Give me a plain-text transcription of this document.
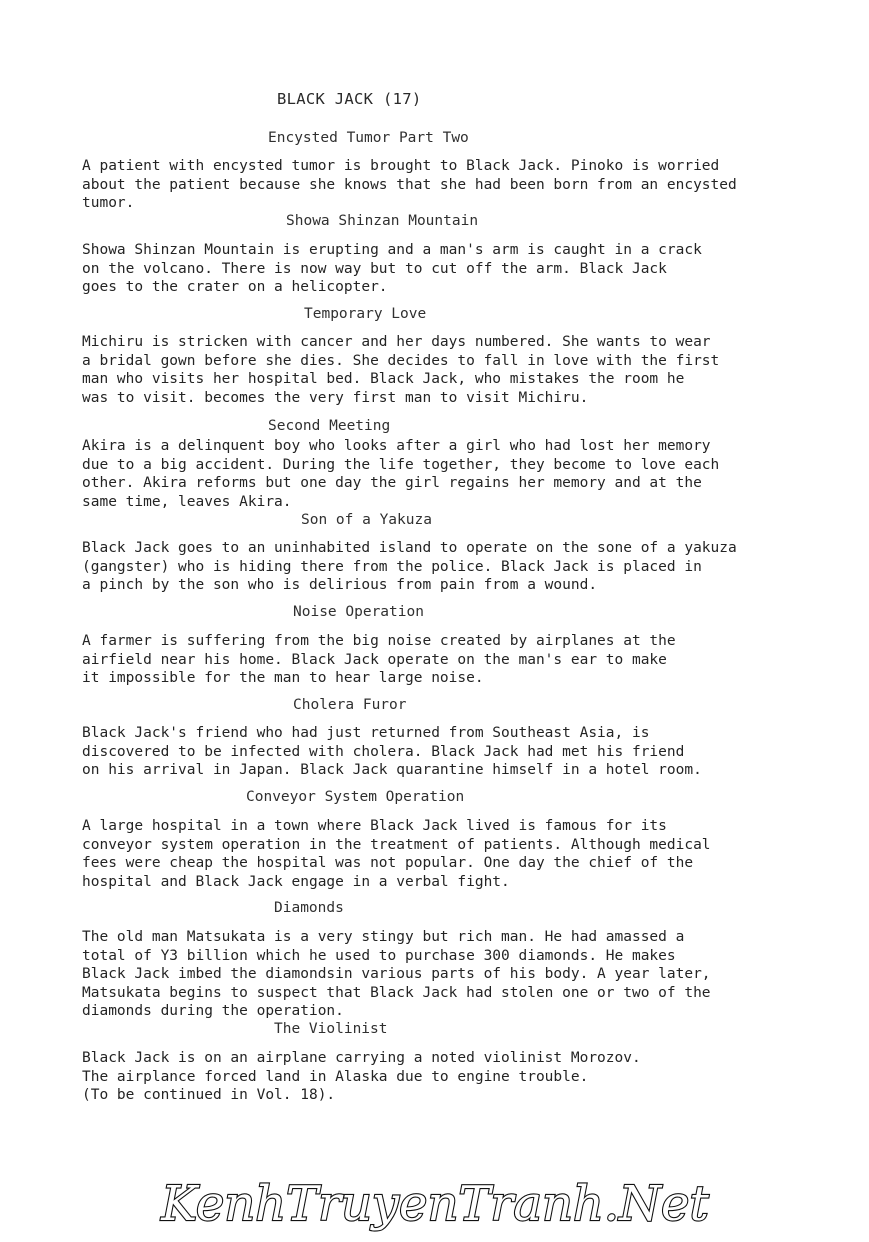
BLACK JACK (17)
Encysted Tumor Part Two
A patient with encysted tumor is brought to Black Jack. Pinoko is worried
about the patient because she knows that she had been born from an encysted
tumor.
Showa Shinzan Mountain
Showa Shinzan Mountain is erupting and a man's arm is caught in a crack
on the volcano. There is now way but to cut off the arm. Black Jack
goes to the crater on a helicopter.
Temporary Love
Michiru is stricken with cancer and her days numbered. She wants to wear
a bridal gown before she dies. She decides to fall in love with the first
man who visits her hospital bed. Black Jack, who mistakes the room he
was to visit. becomes the very first man to visit Michiru.
Second Meeting
Akira is a delinquent boy who looks after a girl who had lost her memory
due to a big accident. During the life together, they become to love each
other. Akira reforms but one day the girl regains her memory and at the
same time, leaves Akira.
Son of a Yakuza
Black Jack goes to an uninhabited island to operate on the sone of a yakuza
(gangster) who is hiding there from the police. Black Jack is placed in
a pinch by the son who is delirious from pain from a wound.
Noise Operation
A farmer is suffering from the big noise created by airplanes at the
airfield near his home. Black Jack operate on the man's ear to make
it impossible for the man to hear large noise.
Cholera Furor
Black Jack's friend who had just returned from Southeast Asia, is
discovered to be infected with cholera. Black Jack had met his friend
on his arrival in Japan. Black Jack quarantine himself in a hotel room.
Conveyor System Operation
A large hospital in a town where Black Jack lived is famous for its
conveyor system operation in the treatment of patients. Although medical
fees were cheap the hospital was not popular. One day the chief of the
hospital and Black Jack engage in a verbal fight.
Diamonds
The old man Matsukata is a very stingy but rich man. He had amassed a
total of Y3 billion which he used to purchase 300 diamonds. He makes
Black Jack imbed the diamondsin various parts of his body. A year later,
Matsukata begins to suspect that Black Jack had stolen one or two of the
diamonds during the operation.
The Violinist
Black Jack is on an airplane carrying a noted violinist Morozov.
The airplance forced land in Alaska due to engine trouble.
(To be continued in Vol. 18).
KenhTruyenTranh.Net
